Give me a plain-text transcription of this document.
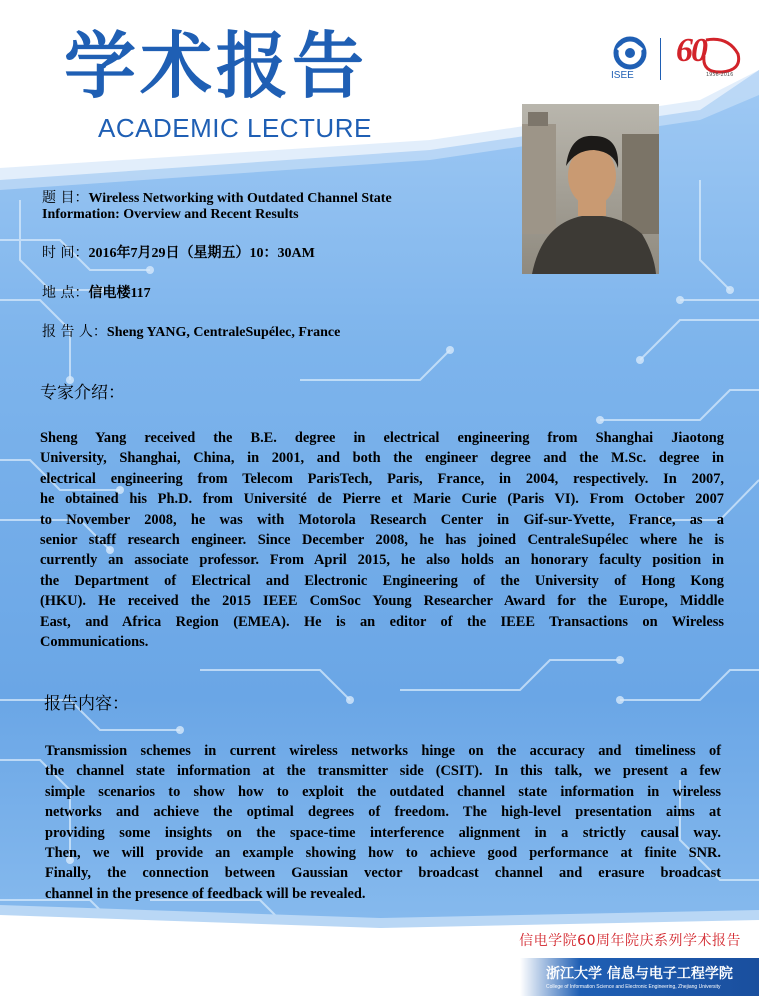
学术报告
ACADEMIC LECTURE
ISEE
60
1956-2016
题 目：Wireless Networking with Outdated Channel State
Information: Overview and Recent Results
时 间：2016年7月29日（星期五）10：30AM
地 点：信电楼117
报 告 人：Sheng YANG, CentraleSupélec, France
专家介绍：
Sheng Yang received the B.E. degree in electrical engineering from Shanghai Jiaotong
University, Shanghai, China, in 2001, and both the engineer degree and the M.Sc. degree in
electrical engineering from Telecom ParisTech, Paris, France, in 2004, respectively. In 2007,
he obtained his Ph.D. from Université de Pierre et Marie Curie (Paris VI). From October 2007
to November 2008, he was with Motorola Research Center in Gif-sur-Yvette, France, as a
senior staff research engineer. Since December 2008, he has joined CentraleSupélec where he is
currently an associate professor. From April 2015, he also holds an honorary faculty position in
the Department of Electrical and Electronic Engineering of the University of Hong Kong
(HKU). He received the 2015 IEEE ComSoc Young Researcher Award for the Europe, Middle
East, and Africa Region (EMEA). He is an editor of the IEEE Transactions on Wireless
Communications.
报告内容：
Transmission schemes in current wireless networks hinge on the accuracy and timeliness of
the channel state information at the transmitter side (CSIT). In this talk, we present a few
simple scenarios to show how to exploit the outdated channel state information in wireless
networks and achieve the optimal degrees of freedom. The high-level presentation aims at
providing some insights on the space-time interference alignment in a strictly causal way.
Then, we will provide an example showing how to achieve good performance at finite SNR.
Finally, the connection between Gaussian vector broadcast channel and erasure broadcast
channel in the presence of feedback will be revealed.
信电学院60周年院庆系列学术报告
浙江大学 信息与电子工程学院
College of Information Science and Electronic Engineering, Zhejiang University
